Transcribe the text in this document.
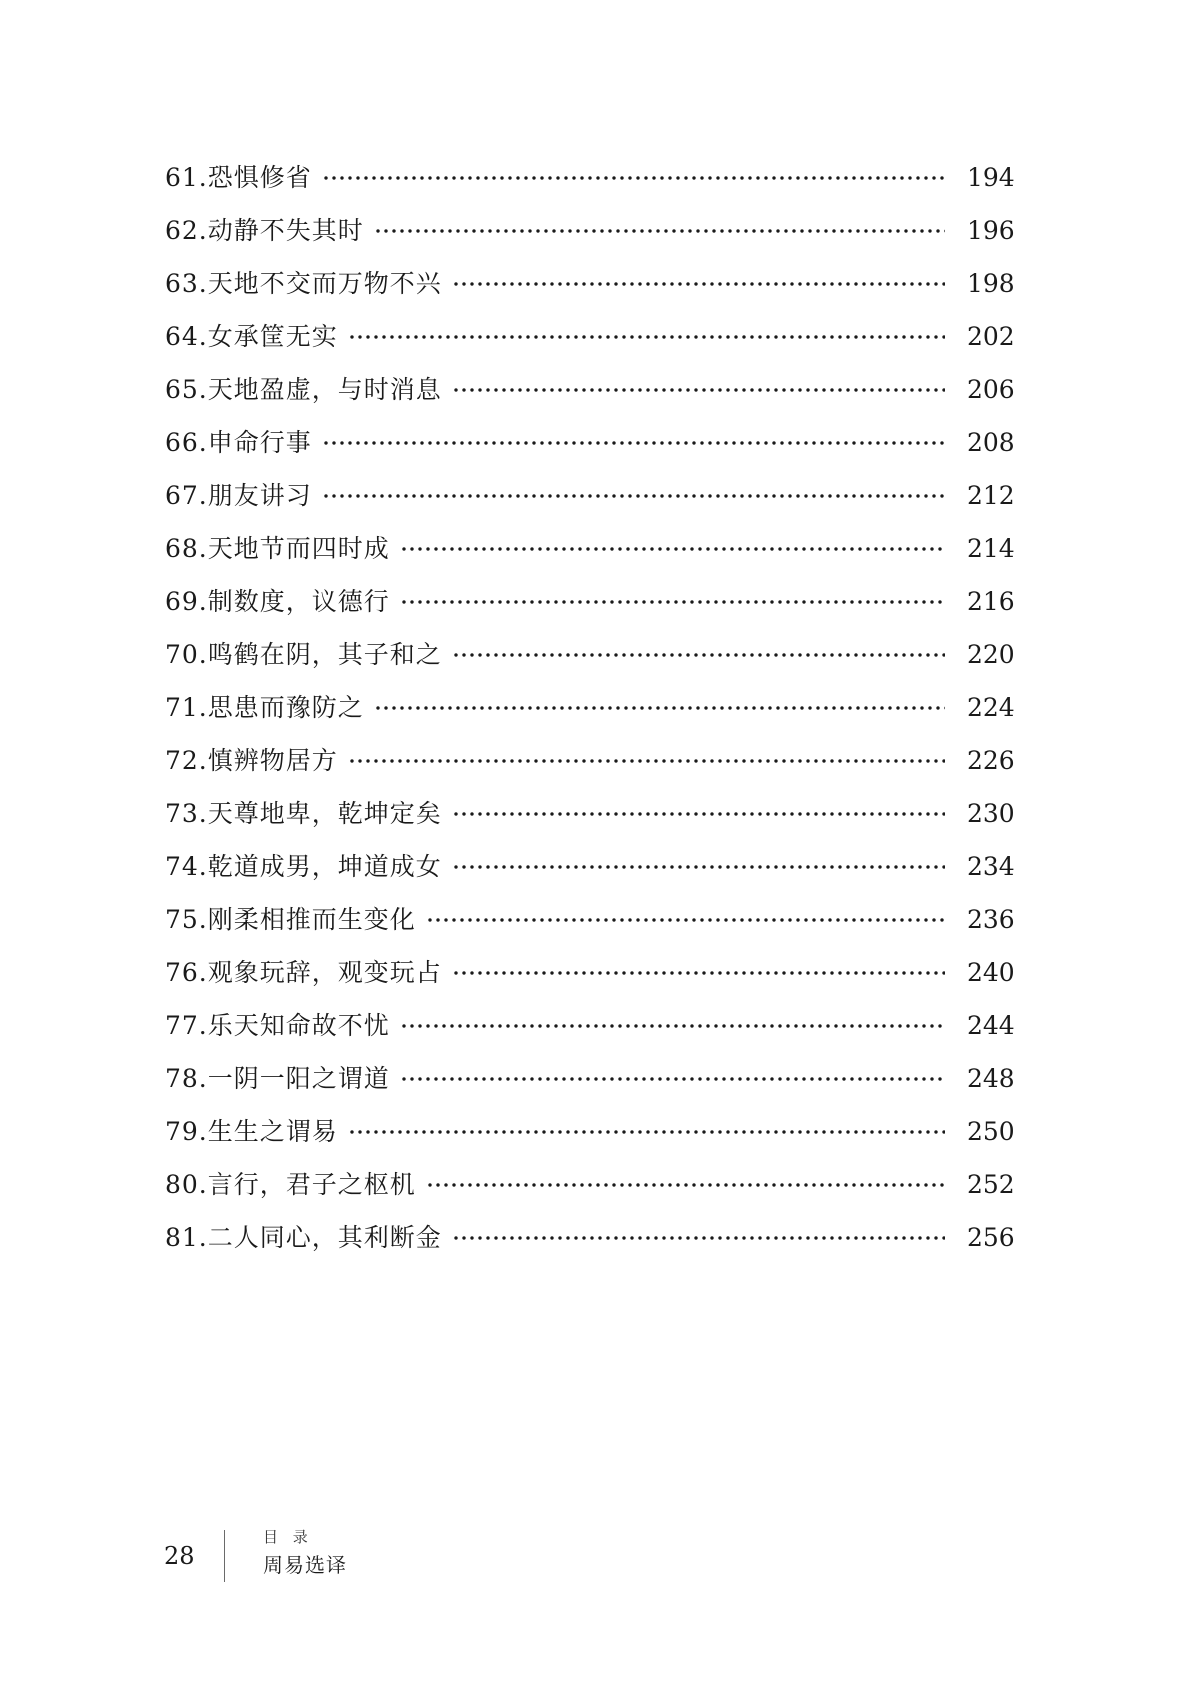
61. 恐惧修省	194
62. 动静不失其时	196
63. 天地不交而万物不兴	198
64. 女承筐无实	202
65. 天地盈虚，与时消息	206
66. 申命行事	208
67. 朋友讲习	212
68. 天地节而四时成	214
69. 制数度，议德行	216
70. 鸣鹤在阴，其子和之	220
71. 思患而豫防之	224
72. 慎辨物居方	226
73. 天尊地卑，乾坤定矣	230
74. 乾道成男，坤道成女	234
75. 刚柔相推而生变化	236
76. 观象玩辞，观变玩占	240
77. 乐天知命故不忧	244
78. 一阴一阳之谓道	248
79. 生生之谓易	250
80. 言行，君子之枢机	252
81. 二人同心，其利断金	256
28
目 录
周易选译
